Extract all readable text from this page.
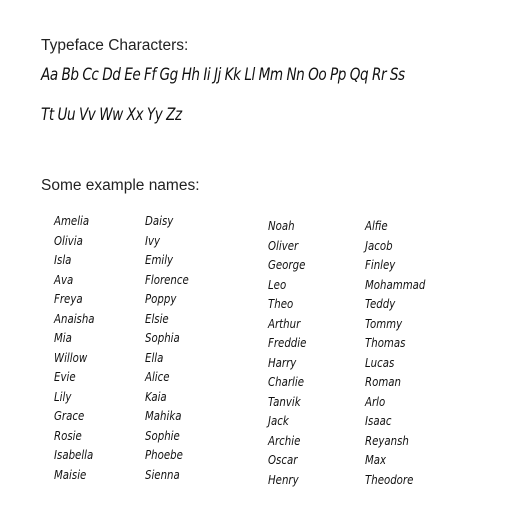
Typeface Characters:
Aa Bb Cc Dd Ee Ff Gg Hh Ii Jj Kk Ll Mm Nn Oo Pp Qq Rr Ss
Tt Uu Vv Ww Xx Yy Zz
Some example names:
Amelia
Olivia
Isla
Ava
Freya
Anaisha
Mia
Willow
Evie
Lily
Grace
Rosie
Isabella
Maisie
Daisy
Ivy
Emily
Florence
Poppy
Elsie
Sophia
Ella
Alice
Kaia
Mahika
Sophie
Phoebe
Sienna
Noah
Oliver
George
Leo
Theo
Arthur
Freddie
Harry
Charlie
Tanvik
Jack
Archie
Oscar
Henry
Alfie
Jacob
Finley
Mohammad
Teddy
Tommy
Thomas
Lucas
Roman
Arlo
Isaac
Reyansh
Max
Theodore
